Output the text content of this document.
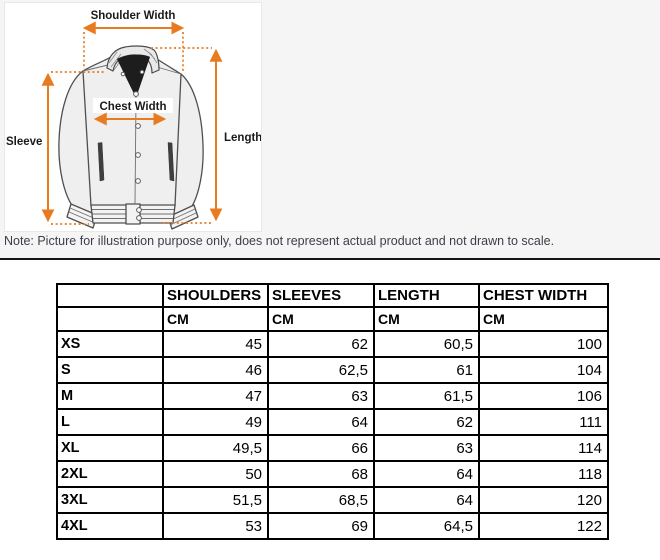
Shoulder Width
Sleeve	Length
Chest Width
Note: Picture for illustration purpose only, does not represent actual product and not drawn to scale.
	SHOULDERS	SLEEVES	LENGTH	CHEST WIDTH
	CM	CM	CM	CM
XS	45	62	60,5	100
S	46	62,5	61	104
M	47	63	61,5	106
L	49	64	62	111
XL	49,5	66	63	114
2XL	50	68	64	118
3XL	51,5	68,5	64	120
4XL	53	69	64,5	122
